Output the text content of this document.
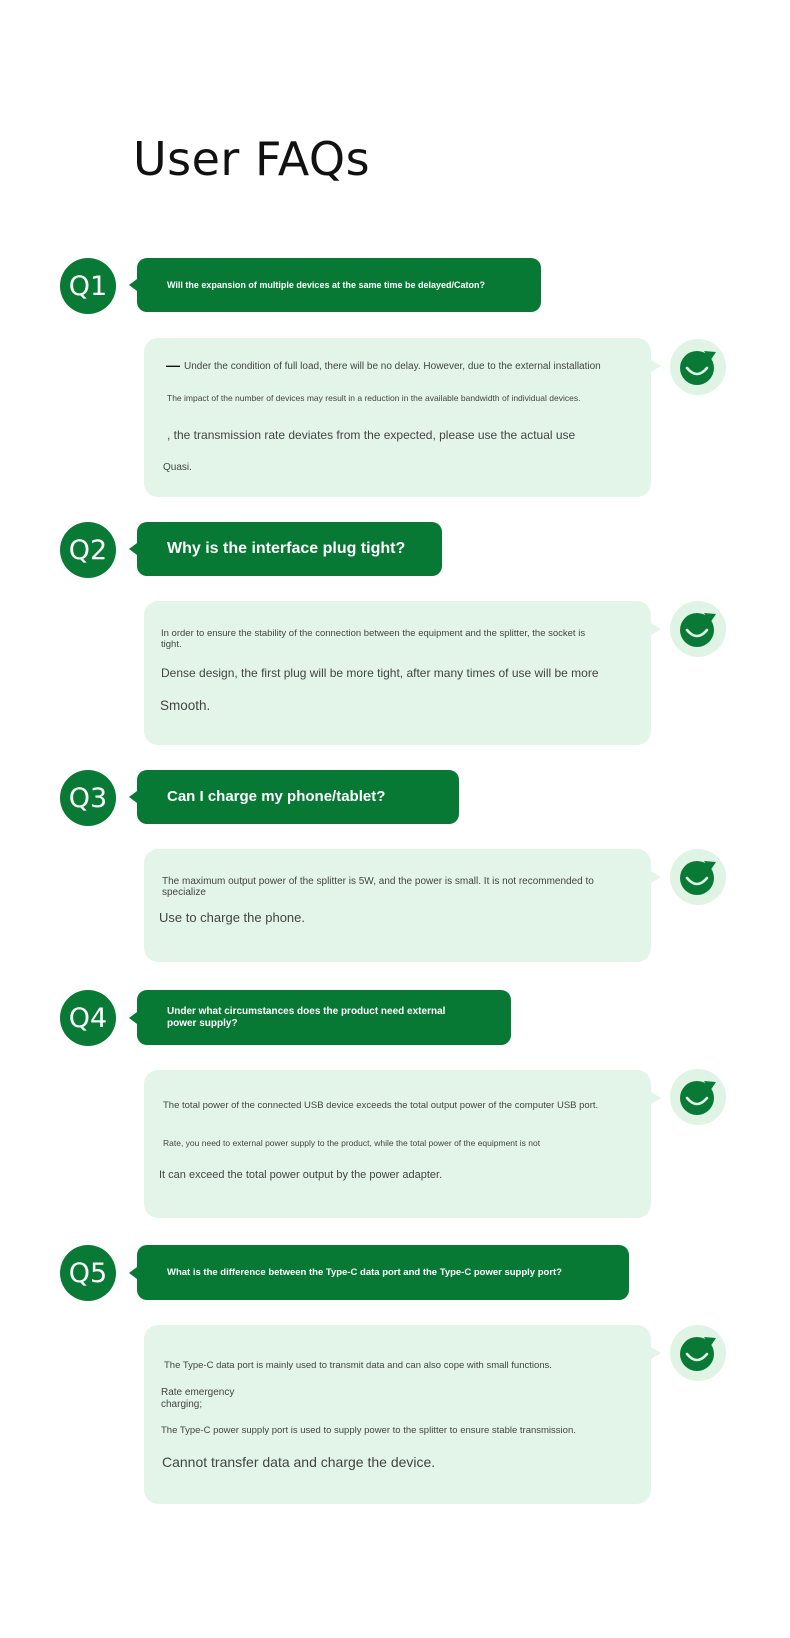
User FAQs
Q1	Will the expansion of multiple devices at the same time be delayed/Caton?
— Under the condition of full load, there will be no delay. However, due to the external installation
The impact of the number of devices may result in a reduction in the available bandwidth of individual devices.
, the transmission rate deviates from the expected, please use the actual use
Quasi.
Q2	Why is the interface plug tight?
In order to ensure the stability of the connection between the equipment and the splitter, the socket is tight.
Dense design, the first plug will be more tight, after many times of use will be more
Smooth.
Q3	Can I charge my phone/tablet?
The maximum output power of the splitter is 5W, and the power is small. It is not recommended to specialize
Use to charge the phone.
Q4	Under what circumstances does the product need external power supply?
The total power of the connected USB device exceeds the total output power of the computer USB port.
Rate, you need to external power supply to the product, while the total power of the equipment is not
It can exceed the total power output by the power adapter.
Q5	What is the difference between the Type-C data port and the Type-C power supply port?
The Type-C data port is mainly used to transmit data and can also cope with small functions.
Rate emergency charging;
The Type-C power supply port is used to supply power to the splitter to ensure stable transmission.
Cannot transfer data and charge the device.
